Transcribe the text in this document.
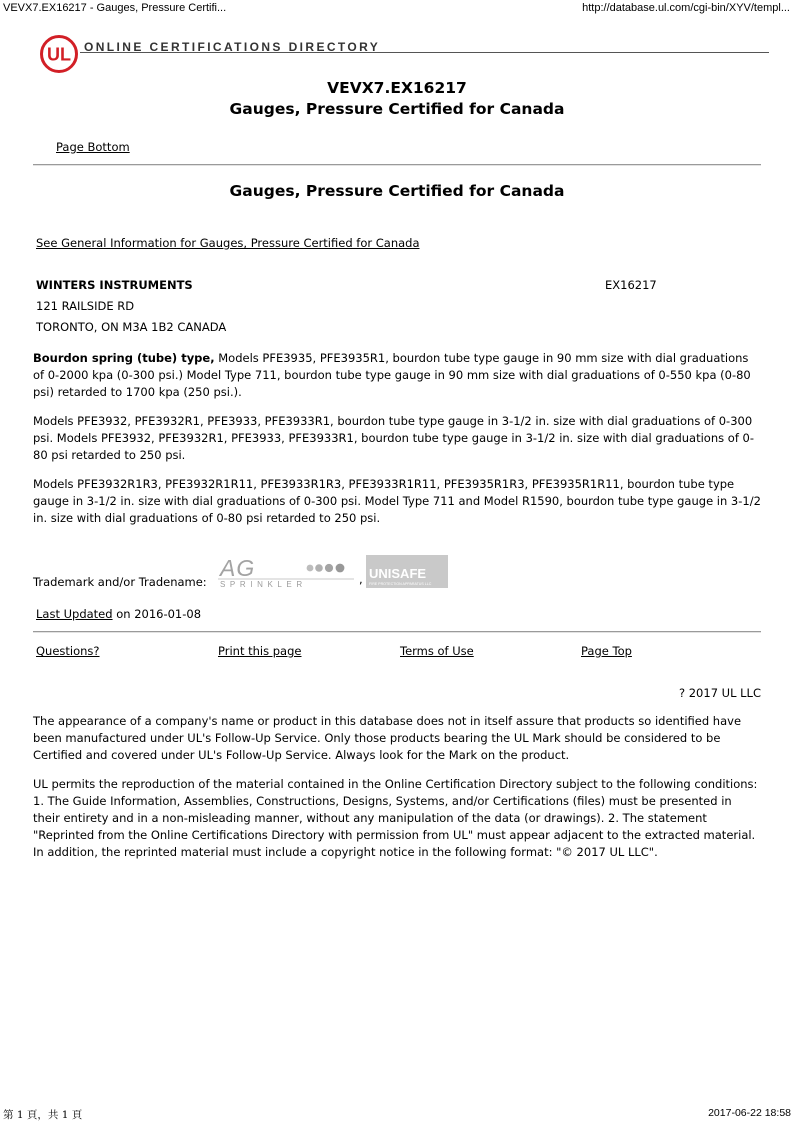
VEVX7.EX16217 - Gauges, Pressure Certifi...	http://database.ul.com/cgi-bin/XYV/templ...
UL ONLINE CERTIFICATIONS DIRECTORY
VEVX7.EX16217
Gauges, Pressure Certified for Canada
Page Bottom
Gauges, Pressure Certified for Canada
See General Information for Gauges, Pressure Certified for Canada
WINTERS INSTRUMENTS	EX16217
121 RAILSIDE RD
TORONTO, ON M3A 1B2 CANADA

Bourdon spring (tube) type, Models PFE3935, PFE3935R1, bourdon tube type gauge in 90 mm size with dial graduations of 0-2000 kpa (0-300 psi.) Model Type 711, bourdon tube type gauge in 90 mm size with dial graduations of 0-550 kpa (0-80 psi) retarded to 1700 kpa (250 psi.).

Models PFE3932, PFE3932R1, PFE3933, PFE3933R1, bourdon tube type gauge in 3-1/2 in. size with dial graduations of 0-300 psi. Models PFE3932, PFE3932R1, PFE3933, PFE3933R1, bourdon tube type gauge in 3-1/2 in. size with dial graduations of 0-80 psi retarded to 250 psi.

Models PFE3932R1R3, PFE3932R1R11, PFE3933R1R3, PFE3933R1R11, PFE3935R1R3, PFE3935R1R11, bourdon tube type gauge in 3-1/2 in. size with dial graduations of 0-300 psi. Model Type 711 and Model R1590, bourdon tube type gauge in 3-1/2 in. size with dial graduations of 0-80 psi retarded to 250 psi.

Trademark and/or Tradename:
AG
SPRINKLER	, UNISAFE
FIRE PROTECTION APPARATUS LLC
Last Updated on 2016-01-08
Questions?	Print this page	Terms of Use	Page Top
? 2017 UL LLC

The appearance of a company's name or product in this database does not in itself assure that products so identified have been manufactured under UL's Follow-Up Service. Only those products bearing the UL Mark should be considered to be Certified and covered under UL's Follow-Up Service. Always look for the Mark on the product.

UL permits the reproduction of the material contained in the Online Certification Directory subject to the following conditions: 1. The Guide Information, Assemblies, Constructions, Designs, Systems, and/or Certifications (files) must be presented in their entirety and in a non-misleading manner, without any manipulation of the data (or drawings). 2. The statement "Reprinted from the Online Certifications Directory with permission from UL" must appear adjacent to the extracted material. In addition, the reprinted material must include a copyright notice in the following format: "© 2017 UL LLC".

第 1 頁，共 1 頁	2017-06-22 18:58
